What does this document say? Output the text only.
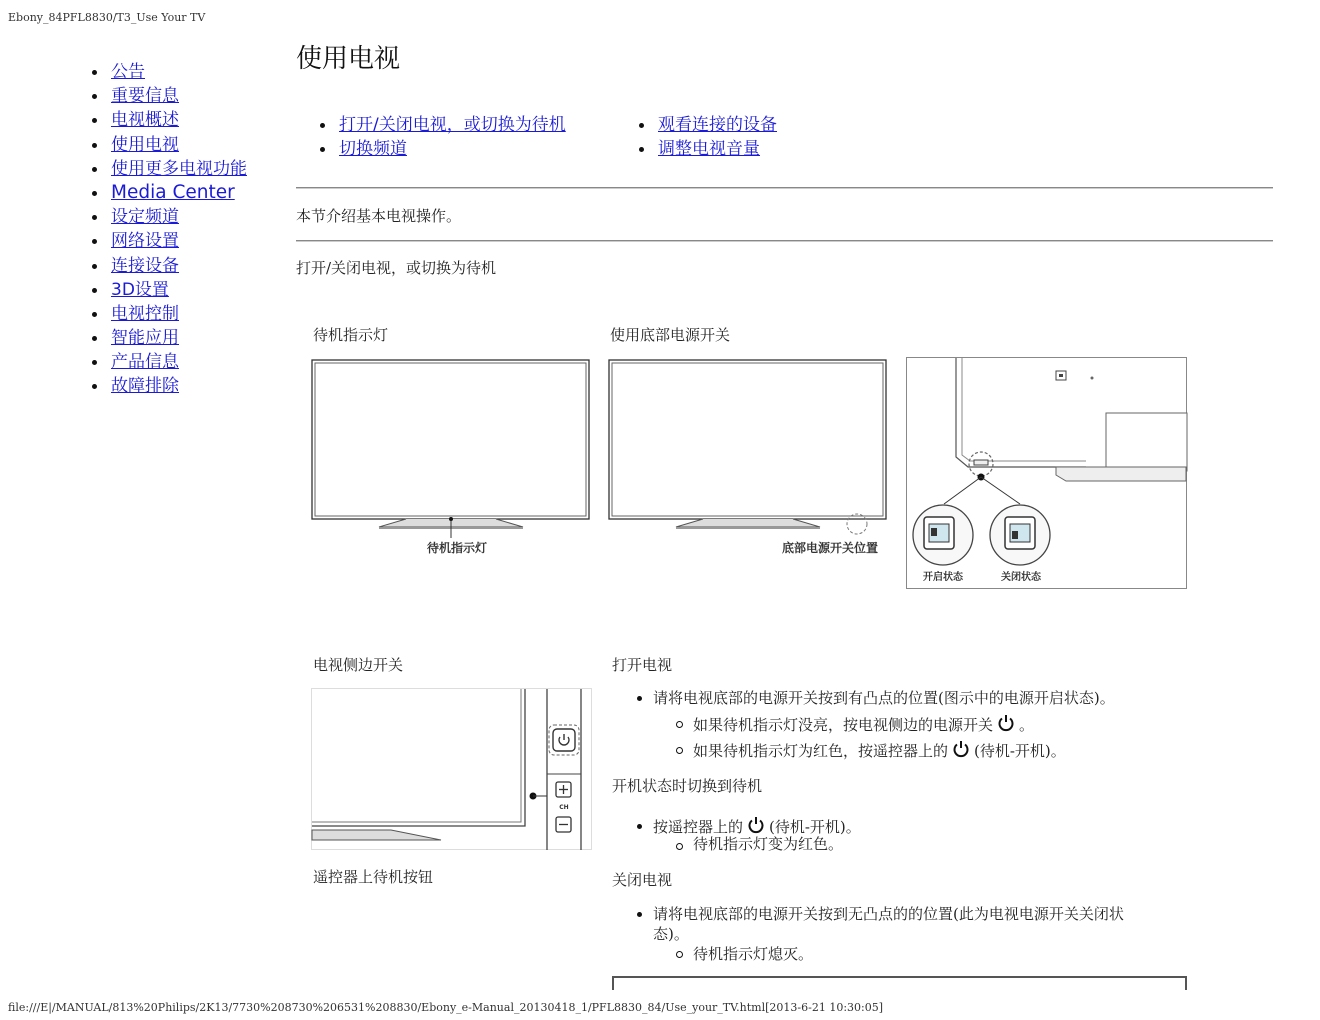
Ebony_84PFL8830/T3_Use Your TV
公告
重要信息
电视概述
使用电视
使用更多电视功能
Media Center
设定频道
网络设置
连接设备
3D设置
电视控制
智能应用
产品信息
故障排除
使用电视
打开/关闭电视，或切换为待机
切换频道
观看连接的设备
调整电视音量
本节介绍基本电视操作。
打开/关闭电视，或切换为待机
待机指示灯	使用底部电源开关
待机指示灯	底部电源开关位置
开启状态	关闭状态
电视侧边开关
CH
遥控器上待机按钮
打开电视
请将电视底部的电源开关按到有凸点的位置(图示中的电源开启状态)。
如果待机指示灯没亮，按电视侧边的电源开关 。
如果待机指示灯为红色，按遥控器上的 (待机-开机)。
开机状态时切换到待机
按遥控器上的 (待机-开机)。
待机指示灯变为红色。
关闭电视
请将电视底部的电源开关按到无凸点的的位置(此为电视电源开关关闭状态)。
待机指示灯熄灭。
file:///E|/MANUAL/813%20Philips/2K13/7730%208730%206531%208830/Ebony_e-Manual_20130418_1/PFL8830_84/Use_your_TV.html[2013-6-21 10:30:05]
